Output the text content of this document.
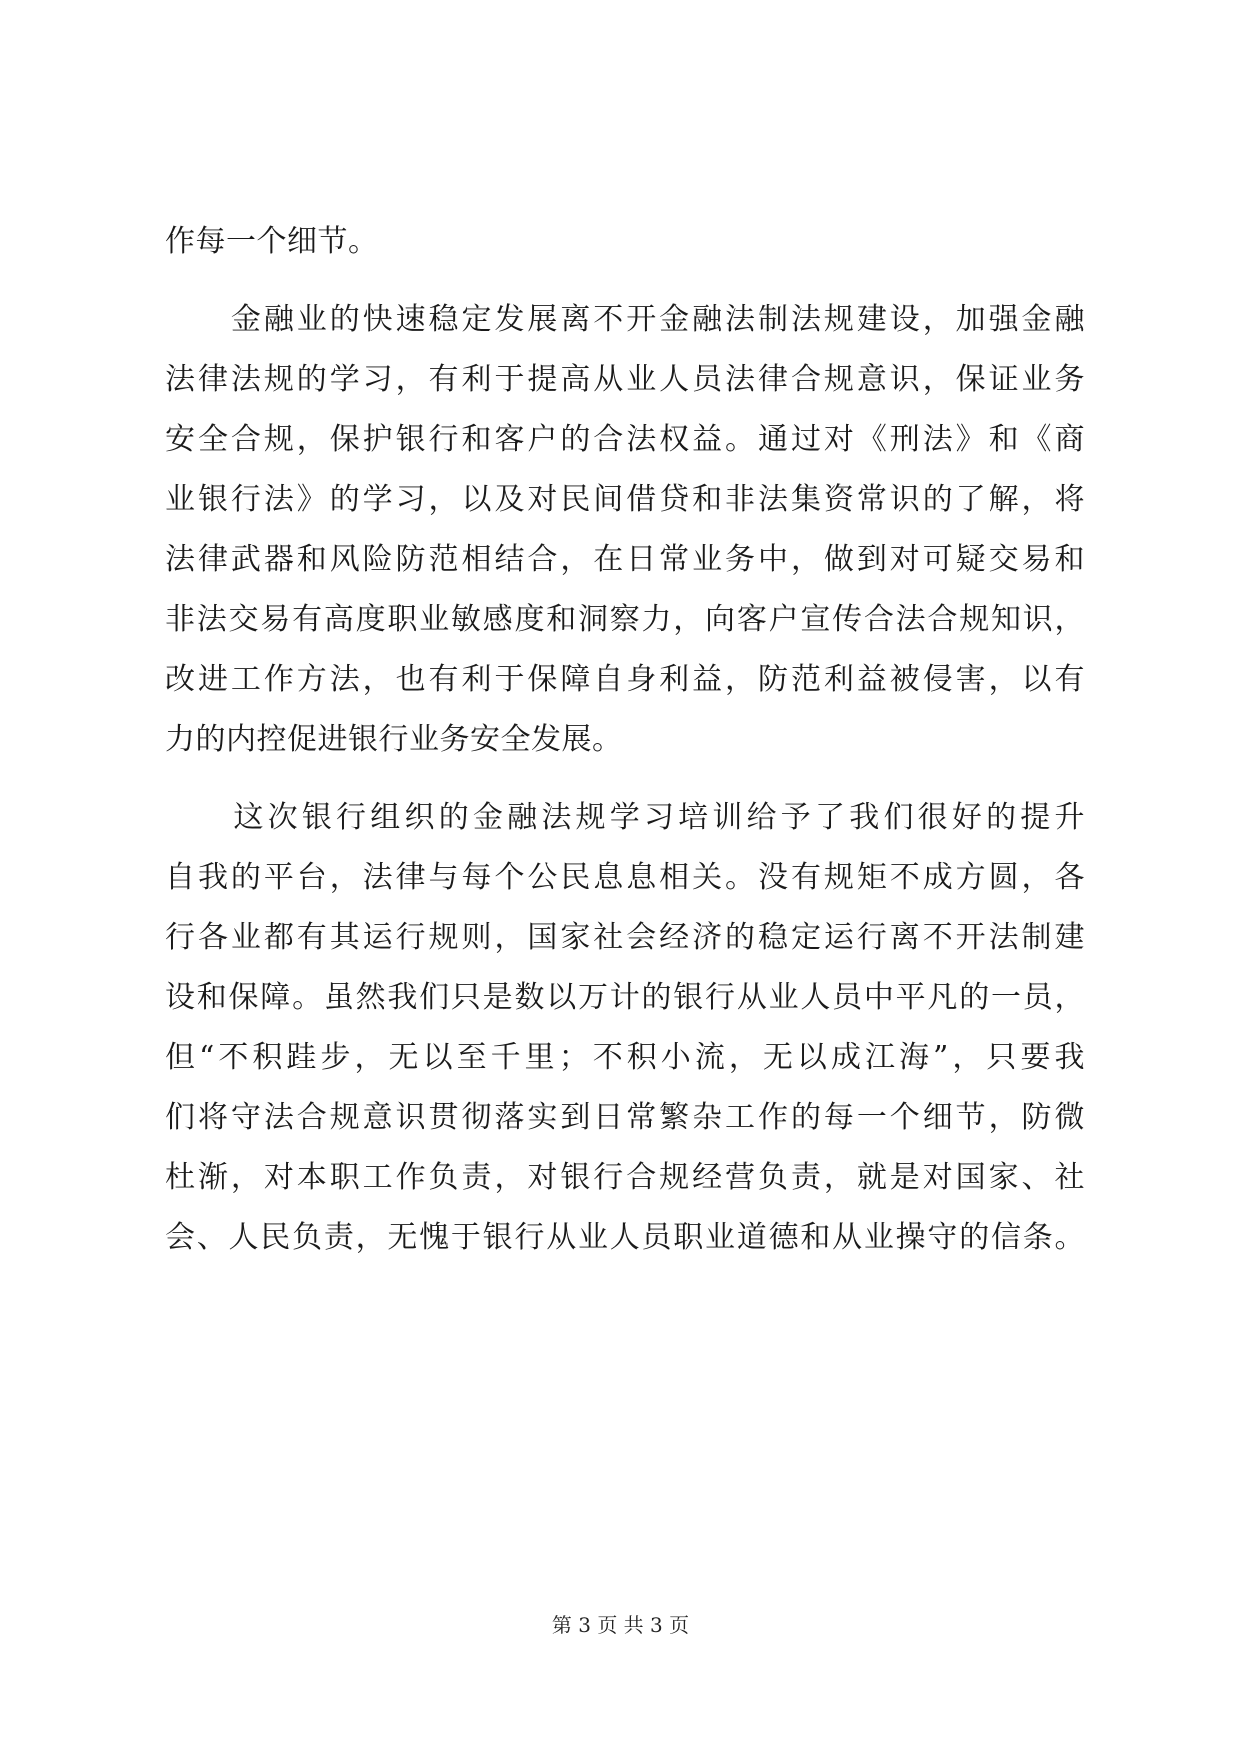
作每一个细节。
　　金融业的快速稳定发展离不开金融法制法规建设，加强金融
法律法规的学习，有利于提高从业人员法律合规意识，保证业务
安全合规，保护银行和客户的合法权益。通过对《刑法》和《商
业银行法》的学习，以及对民间借贷和非法集资常识的了解，将
法律武器和风险防范相结合，在日常业务中，做到对可疑交易和
非法交易有高度职业敏感度和洞察力，向客户宣传合法合规知识，
改进工作方法，也有利于保障自身利益，防范利益被侵害，以有
力的内控促进银行业务安全发展。
　　这次银行组织的金融法规学习培训给予了我们很好的提升
自我的平台，法律与每个公民息息相关。没有规矩不成方圆，各
行各业都有其运行规则，国家社会经济的稳定运行离不开法制建
设和保障。虽然我们只是数以万计的银行从业人员中平凡的一员，
但“不积跬步，无以至千里；不积小流，无以成江海”，只要我
们将守法合规意识贯彻落实到日常繁杂工作的每一个细节，防微
杜渐，对本职工作负责，对银行合规经营负责，就是对国家、社
会、人民负责，无愧于银行从业人员职业道德和从业操守的信条。
第 3 页 共 3 页
